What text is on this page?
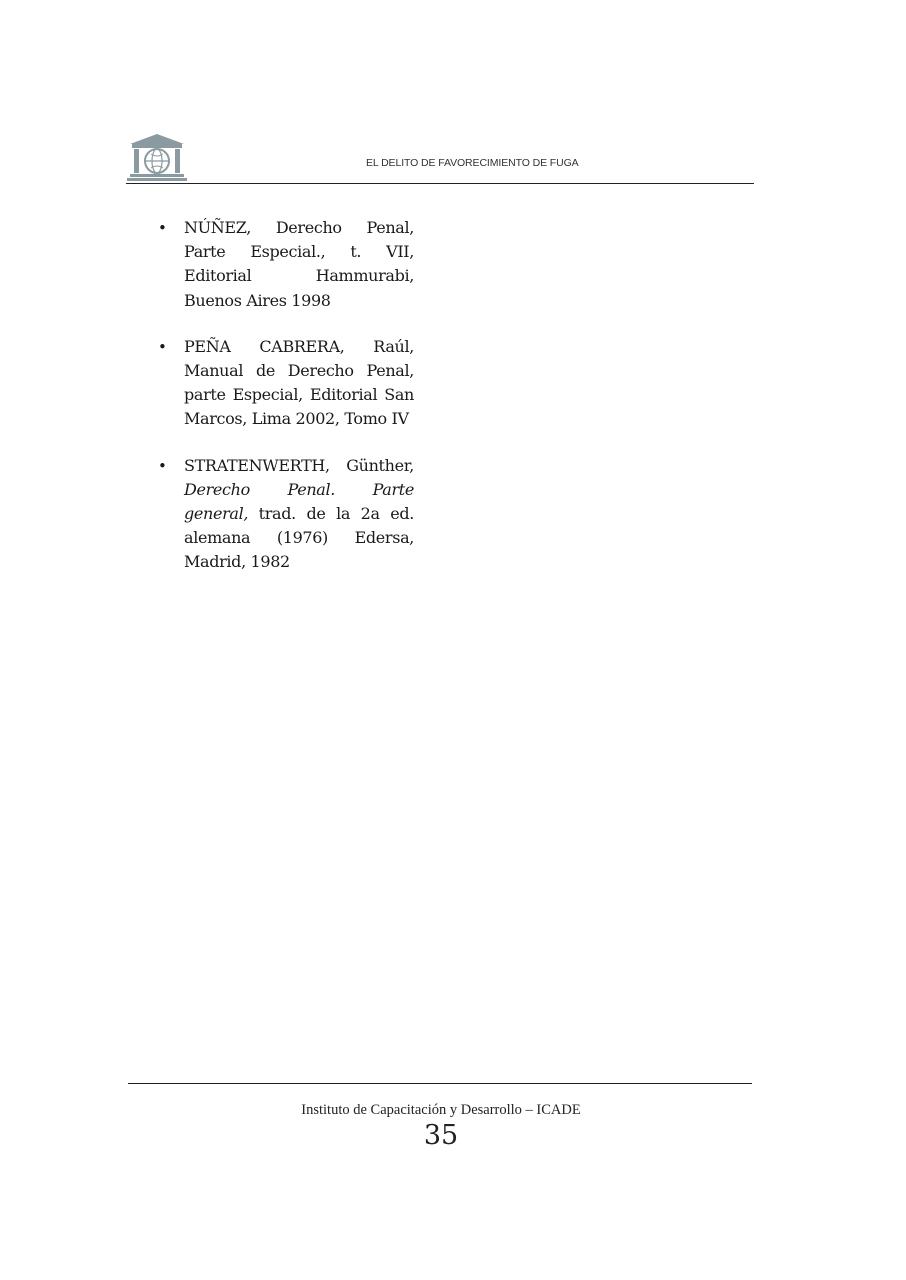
EL DELITO DE FAVORECIMIENTO DE FUGA
• NÚÑEZ, Derecho Penal, Parte Especial., t. VII, Editorial Hammurabi, Buenos Aires 1998
• PEÑA CABRERA, Raúl, Manual de Derecho Penal, parte Especial, Editorial San Marcos, Lima 2002, Tomo IV
• STRATENWERTH, Günther, Derecho Penal. Parte general, trad. de la 2a ed. alemana (1976) Edersa, Madrid, 1982
Instituto de Capacitación y Desarrollo – ICADE
35
